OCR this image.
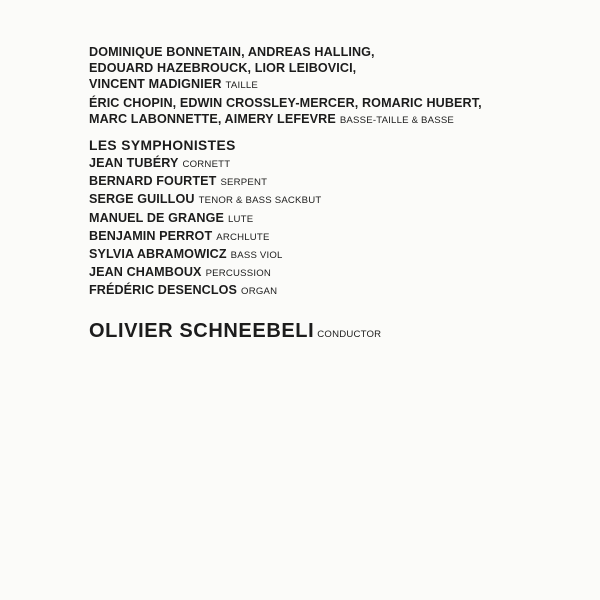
DOMINIQUE BONNETAIN, ANDREAS HALLING,
EDOUARD HAZEBROUCK, LIOR LEIBOVICI,
VINCENT MADIGNIER TAILLE
ÉRIC CHOPIN, EDWIN CROSSLEY-MERCER, ROMARIC HUBERT,
MARC LABONNETTE, AIMERY LEFEVRE BASSE-TAILLE & BASSE
LES SYMPHONISTES
JEAN TUBÉRY CORNETT
BERNARD FOURTET SERPENT
SERGE GUILLOU TENOR & BASS SACKBUT
MANUEL DE GRANGE LUTE
BENJAMIN PERROT ARCHLUTE
SYLVIA ABRAMOWICZ BASS VIOL
JEAN CHAMBOUX PERCUSSION
FRÉDÉRIC DESENCLOS ORGAN
OLIVIER SCHNEEBELI CONDUCTOR
